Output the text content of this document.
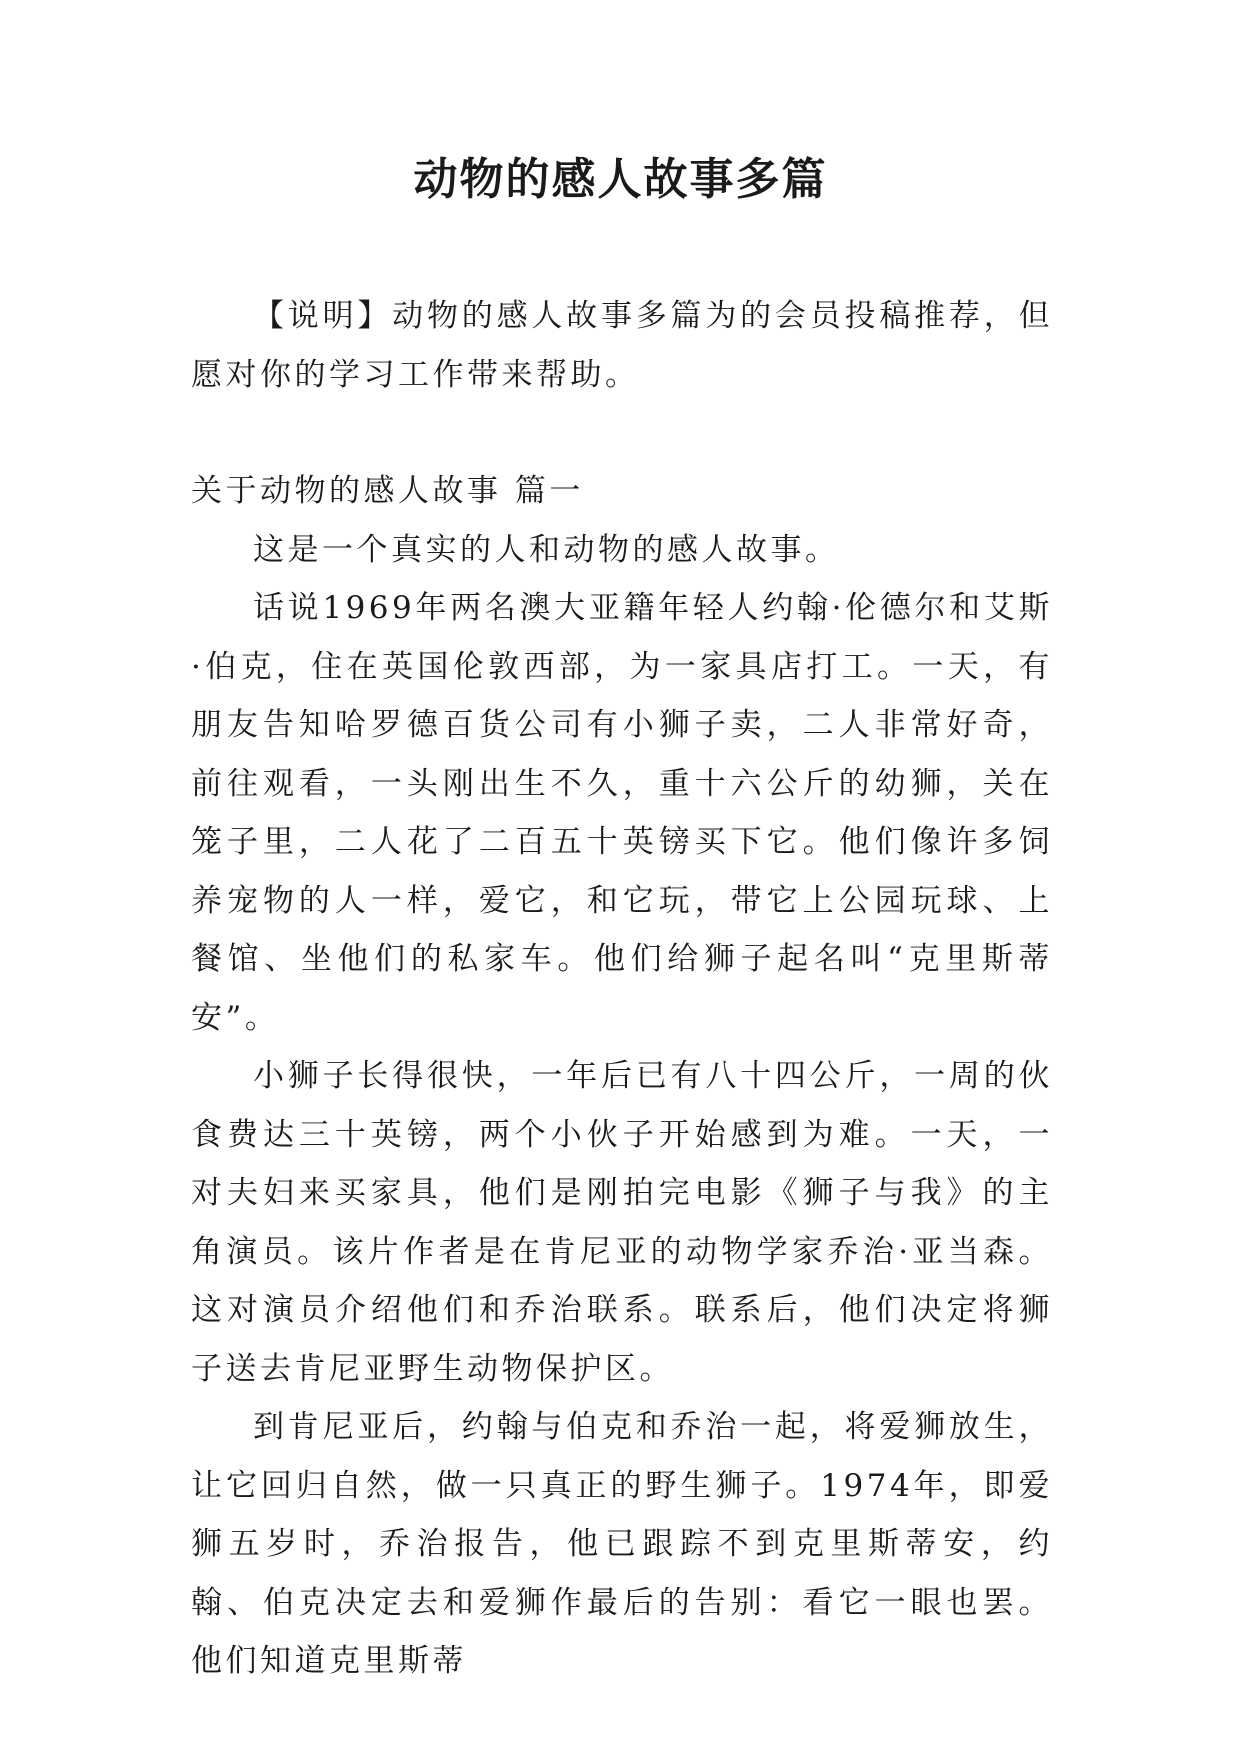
动物的感人故事多篇

【说明】动物的感人故事多篇为的会员投稿推荐，但愿对你的学习工作带来帮助。

关于动物的感人故事 篇一

这是一个真实的人和动物的感人故事。

话说1969年两名澳大亚籍年轻人约翰·伦德尔和艾斯·伯克，住在英国伦敦西部，为一家具店打工。一天，有朋友告知哈罗德百货公司有小狮子卖，二人非常好奇，前往观看，一头刚出生不久，重十六公斤的幼狮，关在笼子里，二人花了二百五十英镑买下它。他们像许多饲养宠物的人一样，爱它，和它玩，带它上公园玩球、上餐馆、坐他们的私家车。他们给狮子起名叫“克里斯蒂安”。

小狮子长得很快，一年后已有八十四公斤，一周的伙食费达三十英镑，两个小伙子开始感到为难。一天，一对夫妇来买家具，他们是刚拍完电影《狮子与我》的主角演员。该片作者是在肯尼亚的动物学家乔治·亚当森。这对演员介绍他们和乔治联系。联系后，他们决定将狮子送去肯尼亚野生动物保护区。

到肯尼亚后，约翰与伯克和乔治一起，将爱狮放生，让它回归自然，做一只真正的野生狮子。1974年，即爱狮五岁时，乔治报告，他已跟踪不到克里斯蒂安，约翰、伯克决定去和爱狮作最后的告别：看它一眼也罢。他们知道克里斯蒂
